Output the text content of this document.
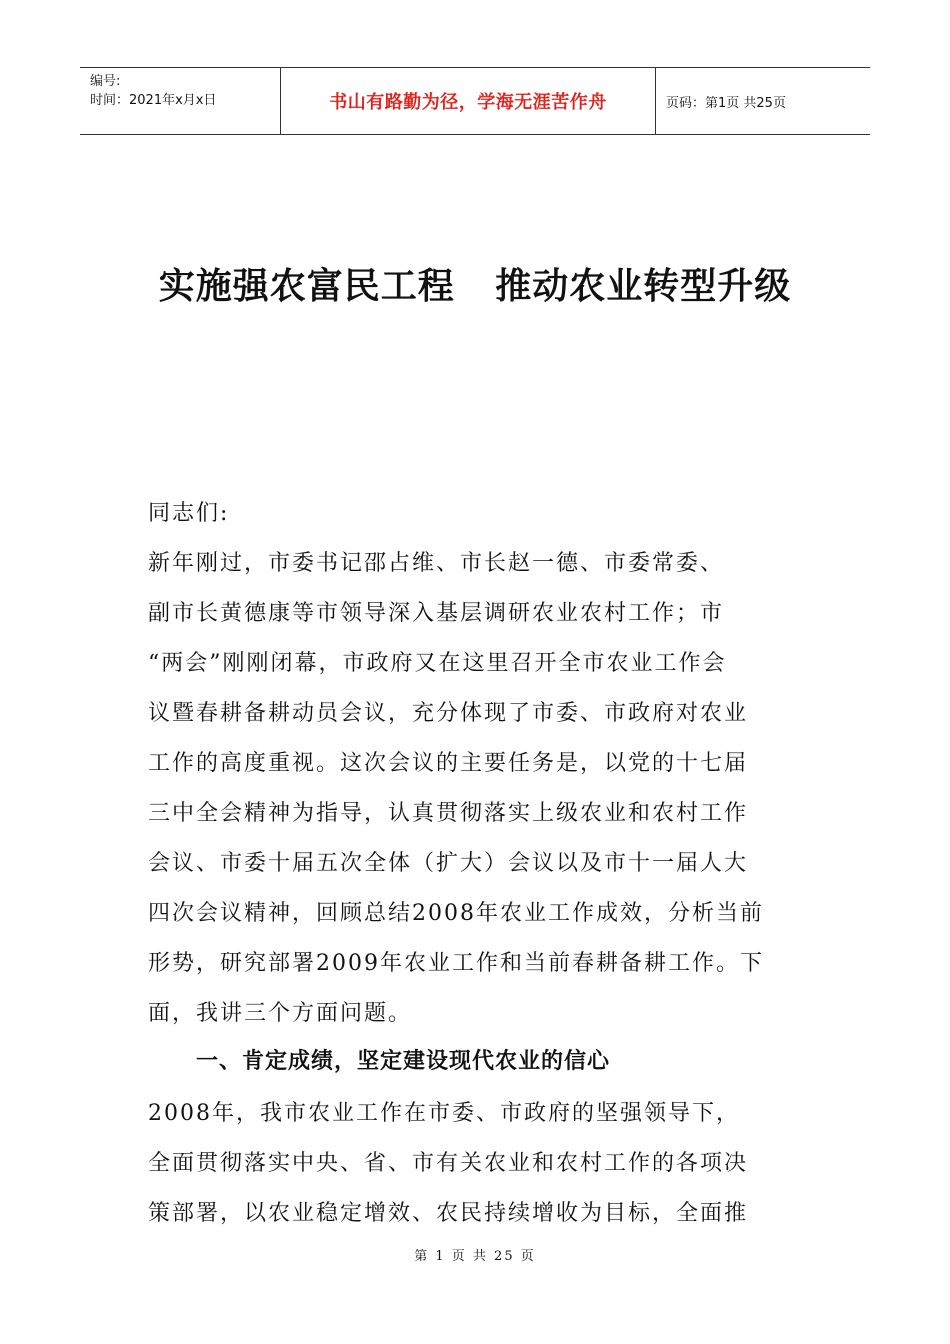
编号:
时间：2021年x月x日	书山有路勤为径，学海无涯苦作舟	页码：第1页 共25页
实施强农富民工程   推动农业转型升级
同志们:
新年刚过，市委书记邵占维、市长赵一德、市委常委、
副市长黄德康等市领导深入基层调研农业农村工作；市
“两会”刚刚闭幕，市政府又在这里召开全市农业工作会
议暨春耕备耕动员会议，充分体现了市委、市政府对农业
工作的高度重视。这次会议的主要任务是，以党的十七届
三中全会精神为指导，认真贯彻落实上级农业和农村工作
会议、市委十届五次全体（扩大）会议以及市十一届人大
四次会议精神，回顾总结2008年农业工作成效，分析当前
形势，研究部署2009年农业工作和当前春耕备耕工作。下
面，我讲三个方面问题。
2008年，我市农业工作在市委、市政府的坚强领导下，
全面贯彻落实中央、省、市有关农业和农村工作的各项决
策部署，以农业稳定增效、农民持续增收为目标，全面推
一、肯定成绩，坚定建设现代农业的信心
第 1 页 共 25 页
